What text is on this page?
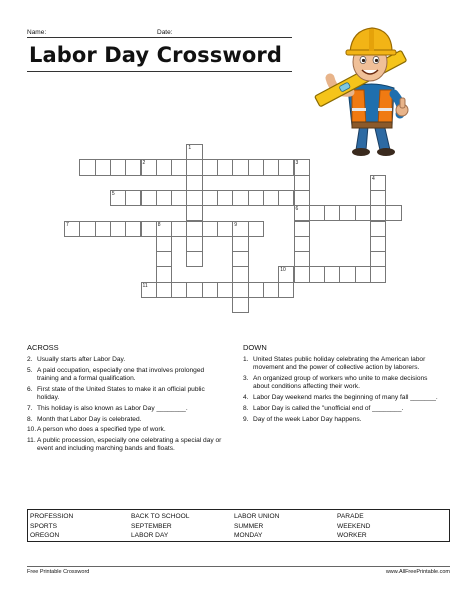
Name:	Date:
Labor Day Crossword
1
2	3
6
5
4
7	8	9
10
11
ACROSS
2. Usually starts after Labor Day.
5. A paid occupation, especially one that involves prolonged training and a formal qualification.
6. First state of the United States to make it an official public holiday.
7. This holiday is also known as Labor Day ________.
8. Month that Labor Day is celebrated.
10. A person who does a specified type of work.
11. A public procession, especially one celebrating a special day or event and including marching bands and floats.
DOWN
1. United States public holiday celebrating the American labor movement and the power of collective action by laborers.
3. An organized group of workers who unite to make decisions about conditions affecting their work.
4. Labor Day weekend marks the beginning of many fall _______.
8. Labor Day is called the "unofficial end of ________.
9. Day of the week Labor Day happens.
PROFESSION
SPORTS
OREGON
BACK TO SCHOOL
SEPTEMBER
LABOR DAY
LABOR UNION
SUMMER
MONDAY
PARADE
WEEKEND
WORKER
Free Printable Crossword	www.AllFreePrintable.com
